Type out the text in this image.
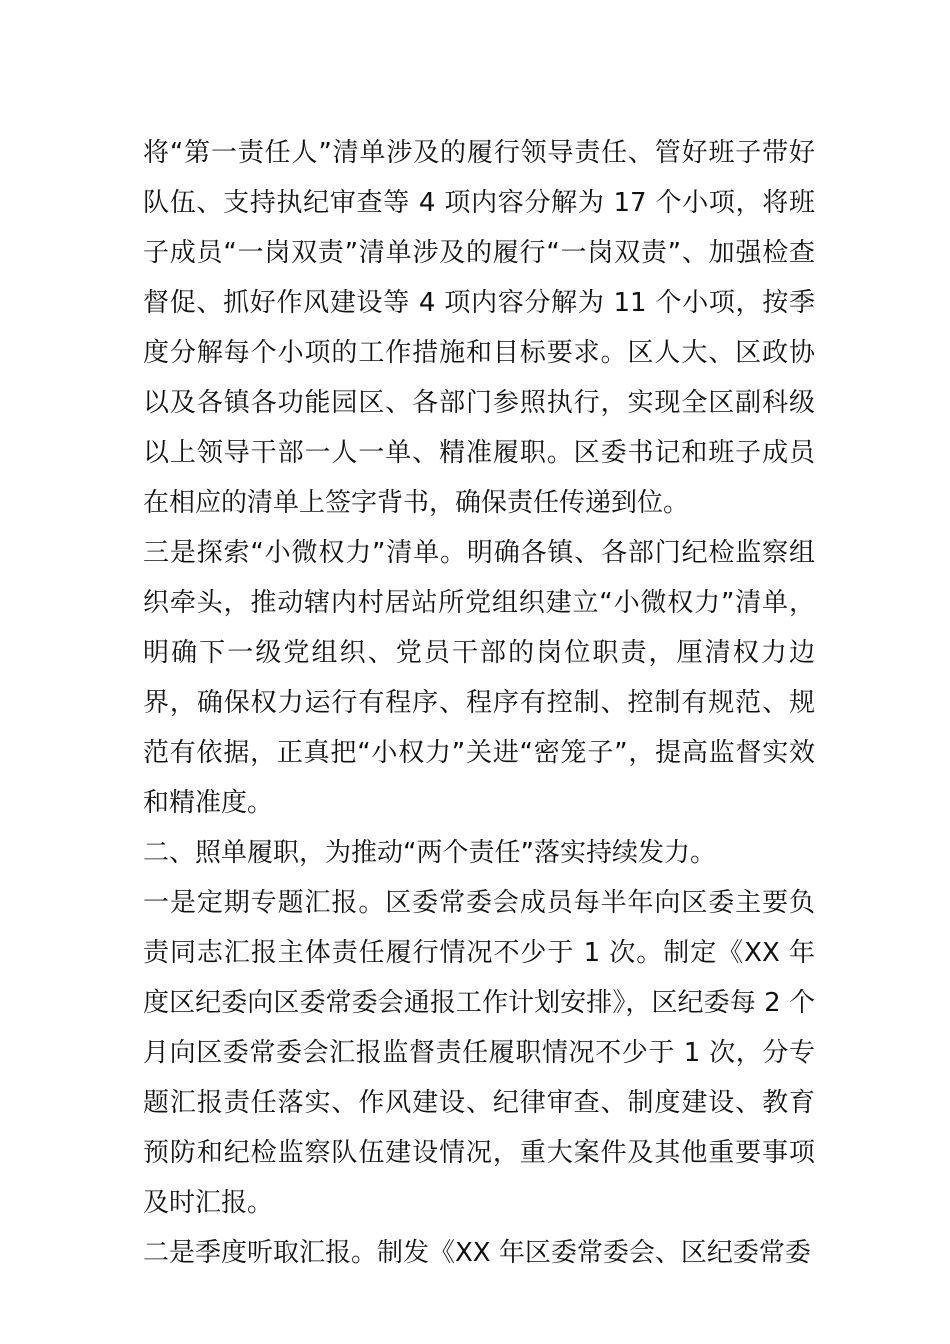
将“第一责任人”清单涉及的履行领导责任、管好班子带好队伍、支持执纪审查等 4 项内容分解为 17 个小项，将班子成员“一岗双责”清单涉及的履行“一岗双责”、加强检查督促、抓好作风建设等 4 项内容分解为 11 个小项，按季度分解每个小项的工作措施和目标要求。区人大、区政协以及各镇各功能园区、各部门参照执行，实现全区副科级以上领导干部一人一单、精准履职。区委书记和班子成员在相应的清单上签字背书，确保责任传递到位。

三是探索“小微权力”清单。明确各镇、各部门纪检监察组织牵头，推动辖内村居站所党组织建立“小微权力”清单，明确下一级党组织、党员干部的岗位职责，厘清权力边界，确保权力运行有程序、程序有控制、控制有规范、规范有依据，正真把“小权力”关进“密笼子”，提高监督实效和精准度。

二、照单履职，为推动“两个责任”落实持续发力。

一是定期专题汇报。区委常委会成员每半年向区委主要负责同志汇报主体责任履行情况不少于 1 次。制定《XX 年度区纪委向区委常委会通报工作计划安排》，区纪委每 2 个月向区委常委会汇报监督责任履职情况不少于 1 次，分专题汇报责任落实、作风建设、纪律审查、制度建设、教育预防和纪检监察队伍建设情况，重大案件及其他重要事项及时汇报。

二是季度听取汇报。制发《XX 年区委常委会、区纪委常委
